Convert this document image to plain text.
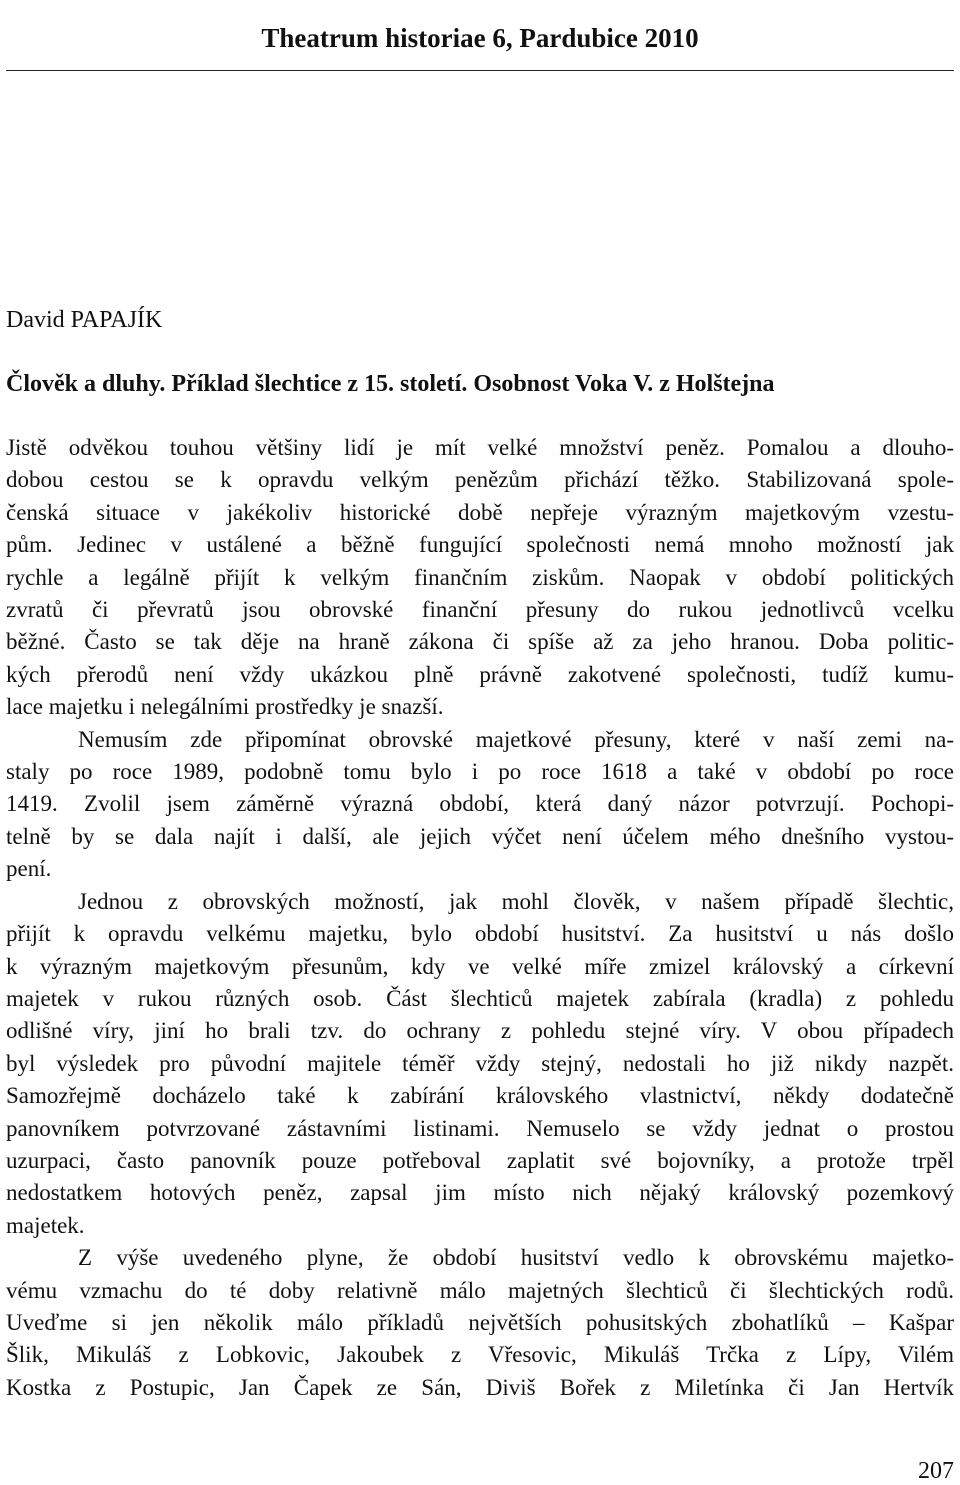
Theatrum historiae 6, Pardubice 2010
David PAPAJÍK
Člověk a dluhy. Příklad šlechtice z 15. století. Osobnost Voka V. z Holštejna
Jistě odvěkou touhou většiny lidí je mít velké množství peněz. Pomalou a dlouho-
dobou cestou se k opravdu velkým penězům přichází těžko. Stabilizovaná spole-
čenská situace v jakékoliv historické době nepřeje výrazným majetkovým vzestu-
pům. Jedinec v ustálené a běžně fungující společnosti nemá mnoho možností jak
rychle a legálně přijít k velkým finančním ziskům. Naopak v období politických
zvratů či převratů jsou obrovské finanční přesuny do rukou jednotlivců vcelku
běžné. Často se tak děje na hraně zákona či spíše až za jeho hranou. Doba politic-
kých přerodů není vždy ukázkou plně právně zakotvené společnosti, tudíž kumu-
lace majetku i nelegálními prostředky je snazší.
Nemusím zde připomínat obrovské majetkové přesuny, které v naší zemi na-
staly po roce 1989, podobně tomu bylo i po roce 1618 a také v období po roce
1419. Zvolil jsem záměrně výrazná období, která daný názor potvrzují. Pochopi-
telně by se dala najít i další, ale jejich výčet není účelem mého dnešního vystou-
pení.
Jednou z obrovských možností, jak mohl člověk, v našem případě šlechtic,
přijít k opravdu velkému majetku, bylo období husitství. Za husitství u nás došlo
k výrazným majetkovým přesunům, kdy ve velké míře zmizel královský a církevní
majetek v rukou různých osob. Část šlechticů majetek zabírala (kradla) z pohledu
odlišné víry, jiní ho brali tzv. do ochrany z pohledu stejné víry. V obou případech
byl výsledek pro původní majitele téměř vždy stejný, nedostali ho již nikdy nazpět.
Samozřejmě docházelo také k zabírání královského vlastnictví, někdy dodatečně
panovníkem potvrzované zástavními listinami. Nemuselo se vždy jednat o prostou
uzurpaci, často panovník pouze potřeboval zaplatit své bojovníky, a protože trpěl
nedostatkem hotových peněz, zapsal jim místo nich nějaký královský pozemkový
majetek.
Z výše uvedeného plyne, že období husitství vedlo k obrovskému majetko-
vému vzmachu do té doby relativně málo majetných šlechticů či šlechtických rodů.
Uveďme si jen několik málo příkladů největších pohusitských zbohatlíků – Kašpar
Šlik, Mikuláš z Lobkovic, Jakoubek z Vřesovic, Mikuláš Trčka z Lípy, Vilém
Kostka z Postupic, Jan Čapek ze Sán, Diviš Bořek z Miletínka či Jan Hertvík
207
